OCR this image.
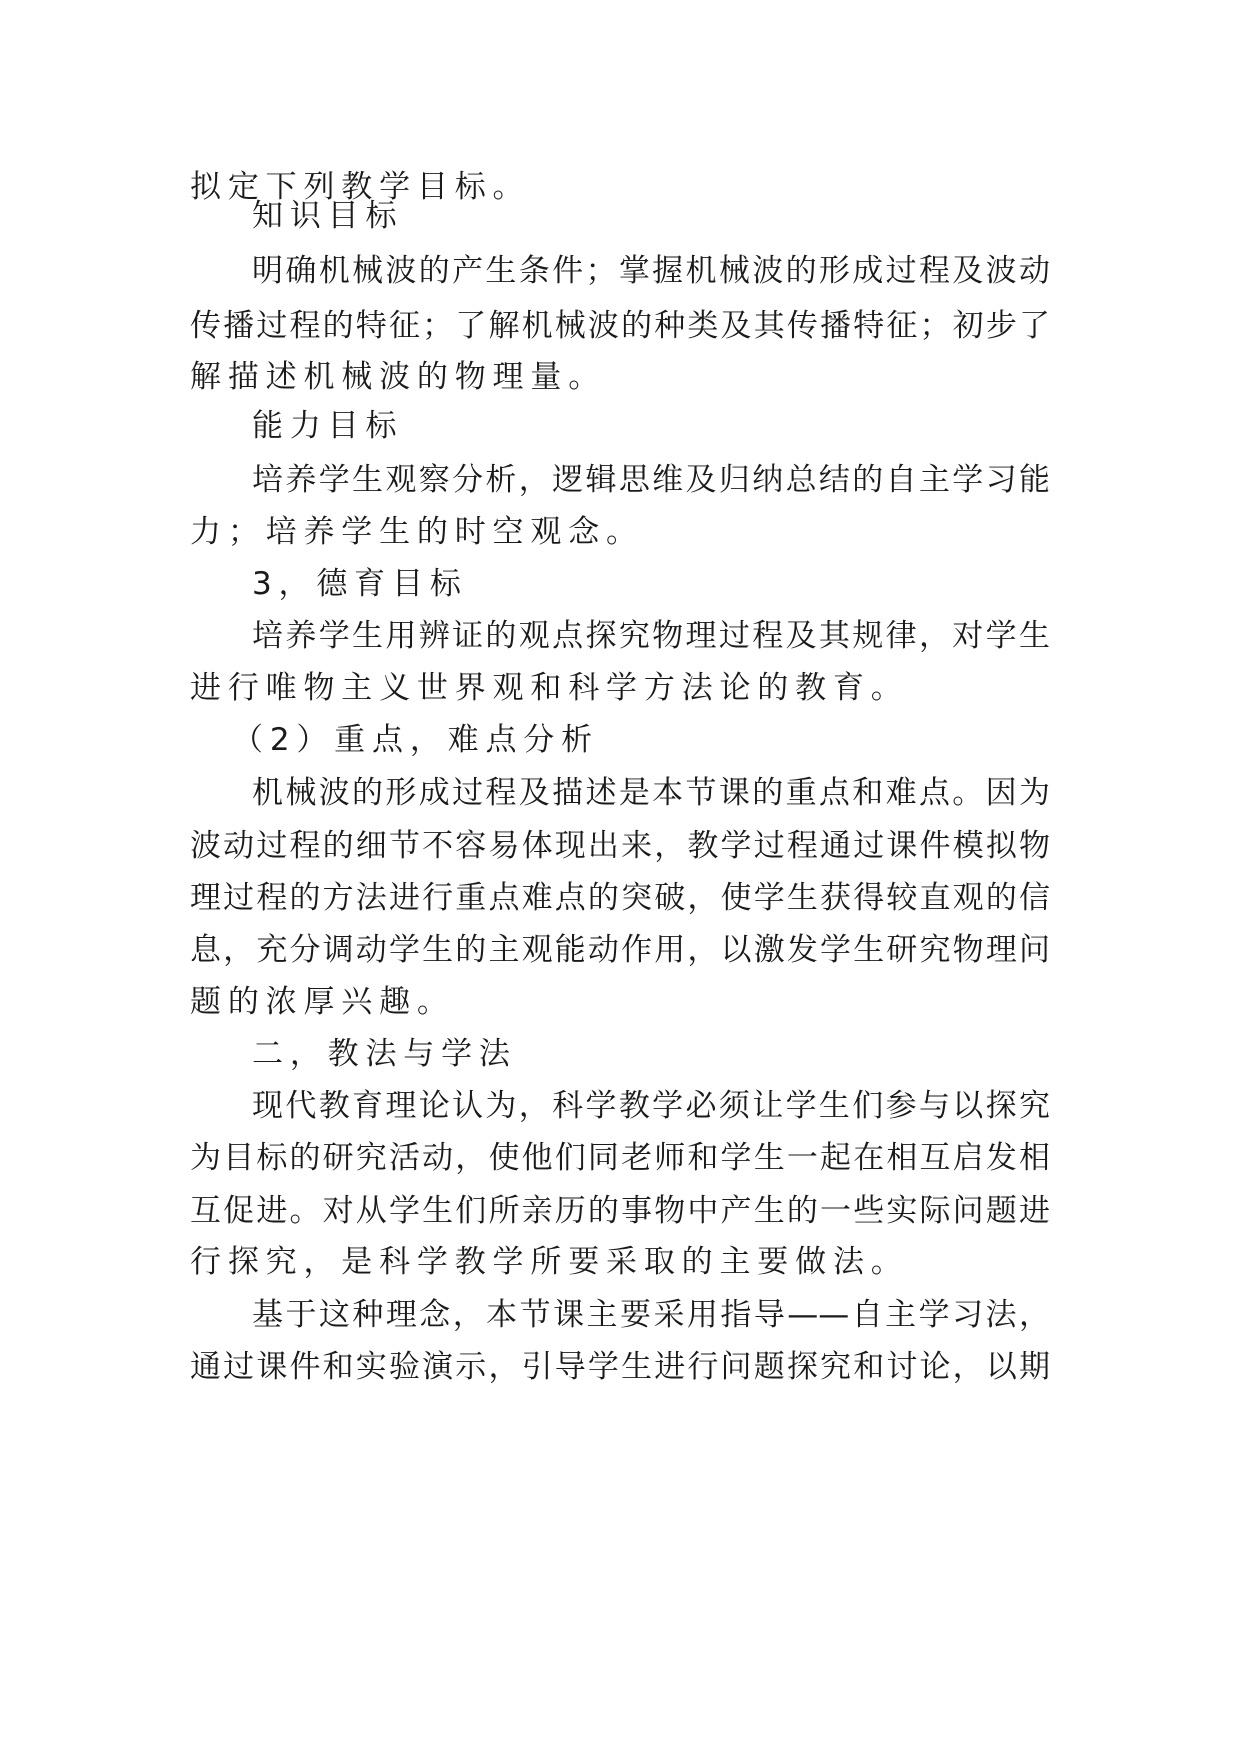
拟定下列教学目标。
知识目标
明确机械波的产生条件；掌握机械波的形成过程及波动
传播过程的特征；了解机械波的种类及其传播特征；初步了
解描述机械波的物理量。
能力目标
培养学生观察分析，逻辑思维及归纳总结的自主学习能
力；培养学生的时空观念。
3，德育目标
培养学生用辨证的观点探究物理过程及其规律，对学生
进行唯物主义世界观和科学方法论的教育。
（2）重点，难点分析
机械波的形成过程及描述是本节课的重点和难点。因为
波动过程的细节不容易体现出来，教学过程通过课件模拟物
理过程的方法进行重点难点的突破，使学生获得较直观的信
息，充分调动学生的主观能动作用，以激发学生研究物理问
题的浓厚兴趣。
二，教法与学法
现代教育理论认为，科学教学必须让学生们参与以探究
为目标的研究活动，使他们同老师和学生一起在相互启发相
互促进。对从学生们所亲历的事物中产生的一些实际问题进
行探究，是科学教学所要采取的主要做法。
基于这种理念，本节课主要采用指导——自主学习法，
通过课件和实验演示，引导学生进行问题探究和讨论，以期
